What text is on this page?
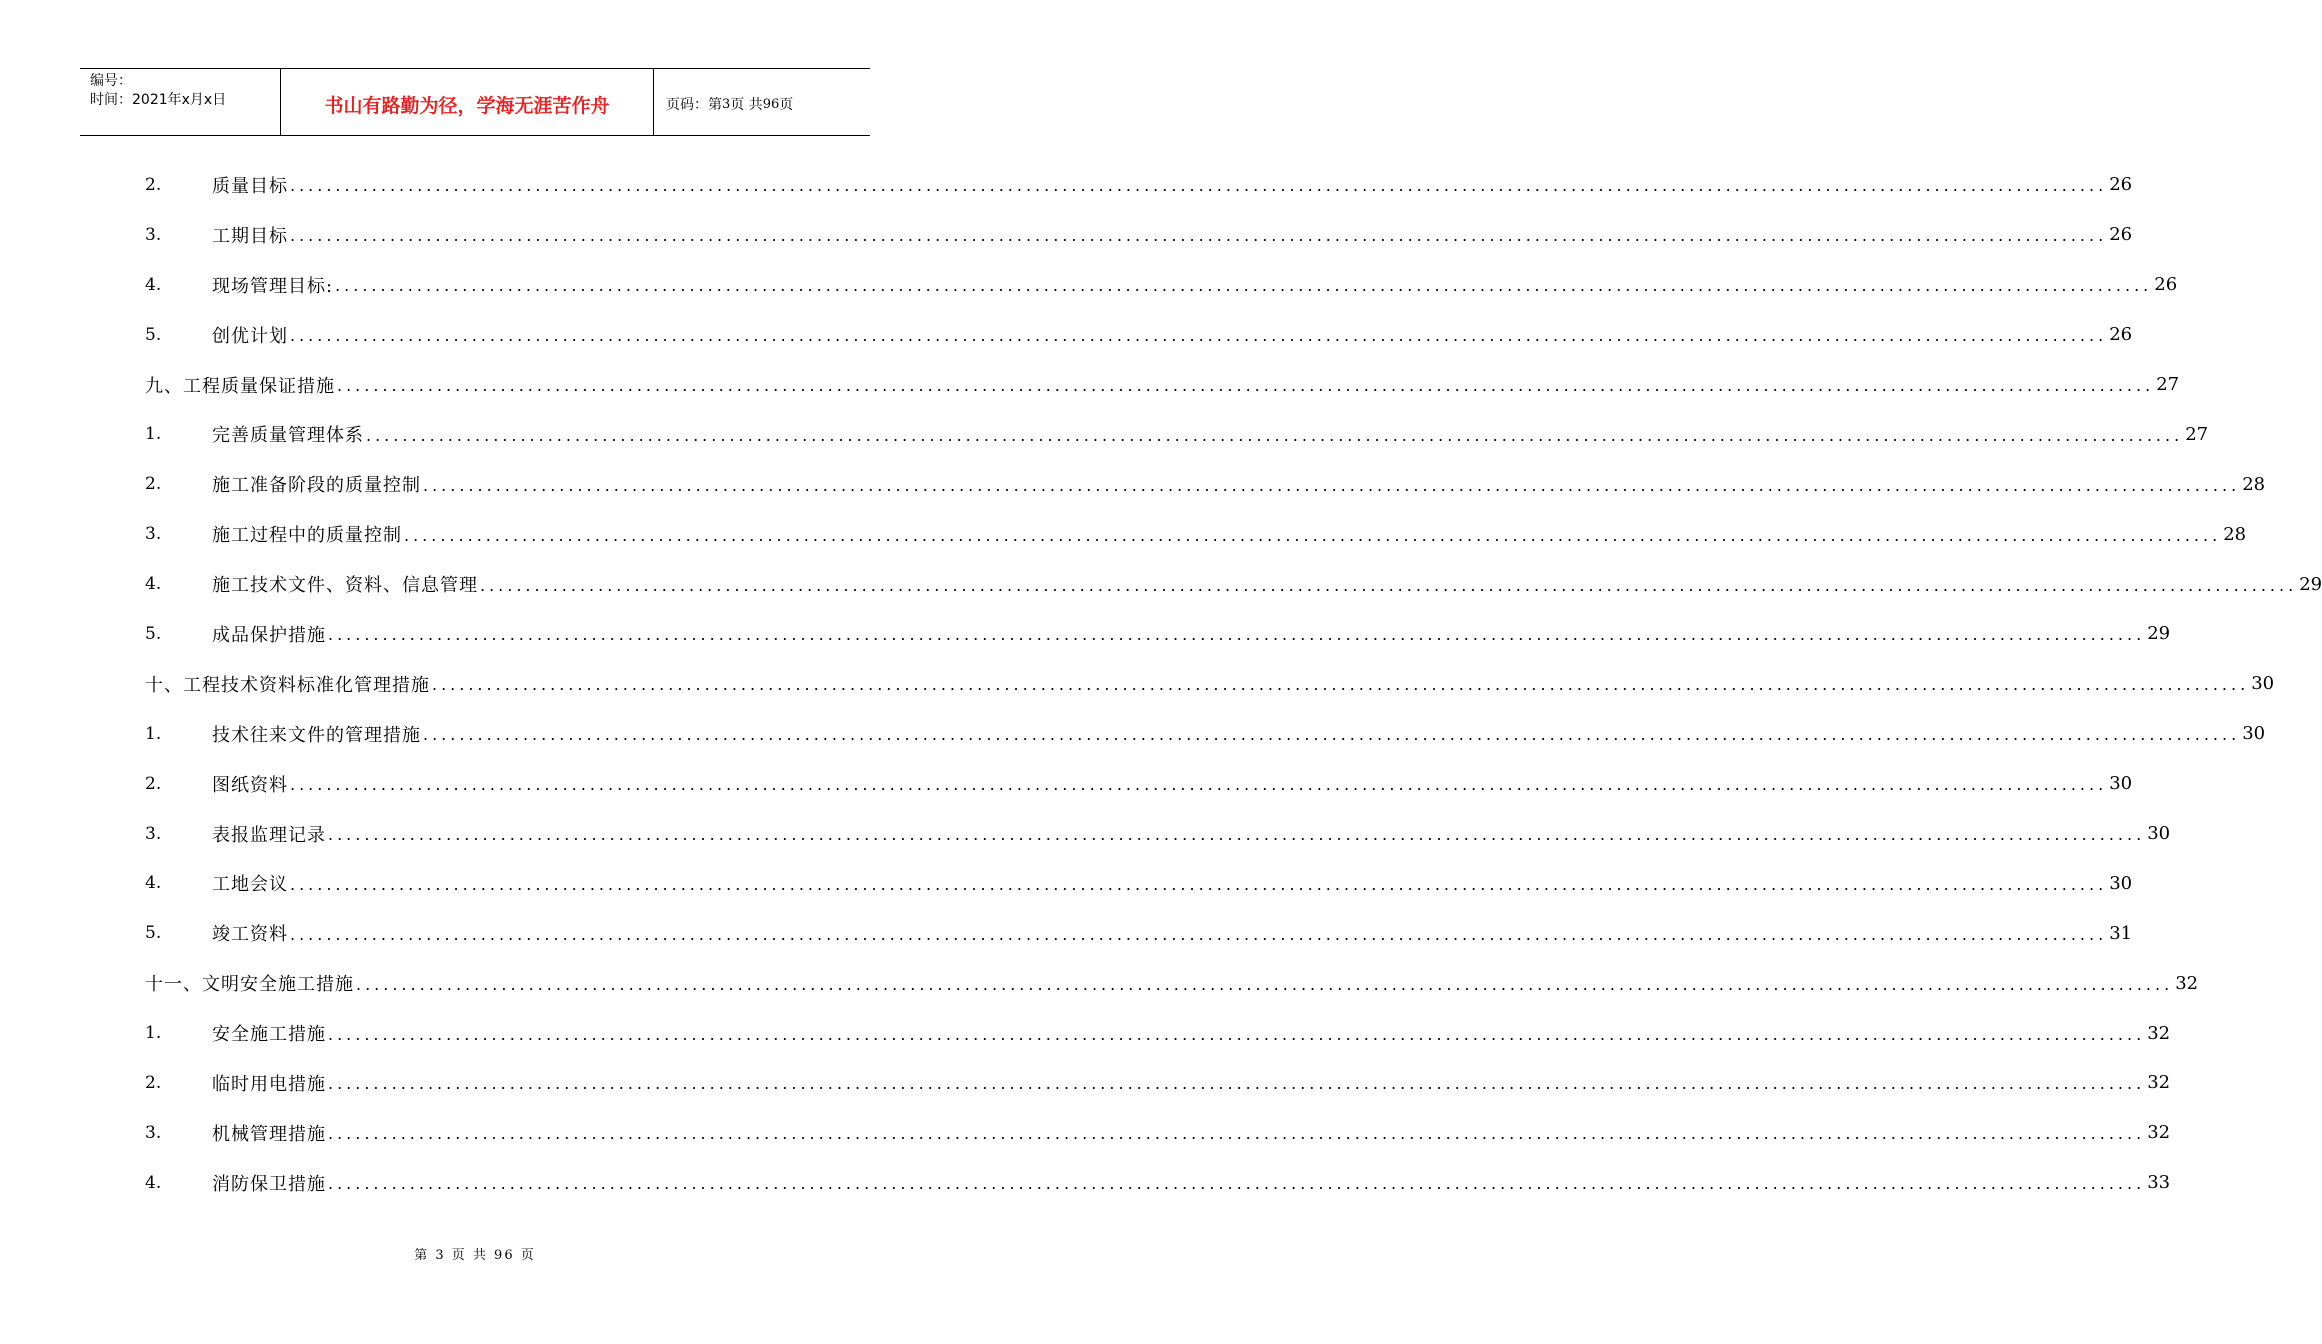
编号：
时间：2021年x月x日	书山有路勤为径，学海无涯苦作舟	页码：第 3 页 共 96 页
2.	质量目标 ........................................................................................................................................................................................................ 26
3.	工期目标 ........................................................................................................................................................................................................ 26
4.	现场管理目标: ........................................................................................................................................................................................................ 26
5.	创优计划 ........................................................................................................................................................................................................ 26
九、工程质量保证措施 ........................................................................................................................................................................................................ 27
1.	完善质量管理体系 ........................................................................................................................................................................................................ 27
2.	施工准备阶段的质量控制 ........................................................................................................................................................................................................ 28
3.	施工过程中的质量控制 ........................................................................................................................................................................................................ 28
4.	施工技术文件、资料、信息管理 ........................................................................................................................................................................................................ 29
5.	成品保护措施 ........................................................................................................................................................................................................ 29
十、工程技术资料标准化管理措施 ........................................................................................................................................................................................................ 30
1.	技术往来文件的管理措施 ........................................................................................................................................................................................................ 30
2.	图纸资料 ........................................................................................................................................................................................................ 30
3.	表报监理记录 ........................................................................................................................................................................................................ 30
4.	工地会议 ........................................................................................................................................................................................................ 30
5.	竣工资料 ........................................................................................................................................................................................................ 31
十一、文明安全施工措施 ........................................................................................................................................................................................................ 32
1.	安全施工措施 ........................................................................................................................................................................................................ 32
2.	临时用电措施 ........................................................................................................................................................................................................ 32
3.	机械管理措施 ........................................................................................................................................................................................................ 32
4.	消防保卫措施 ........................................................................................................................................................................................................ 33
第 3 页 共 96 页
